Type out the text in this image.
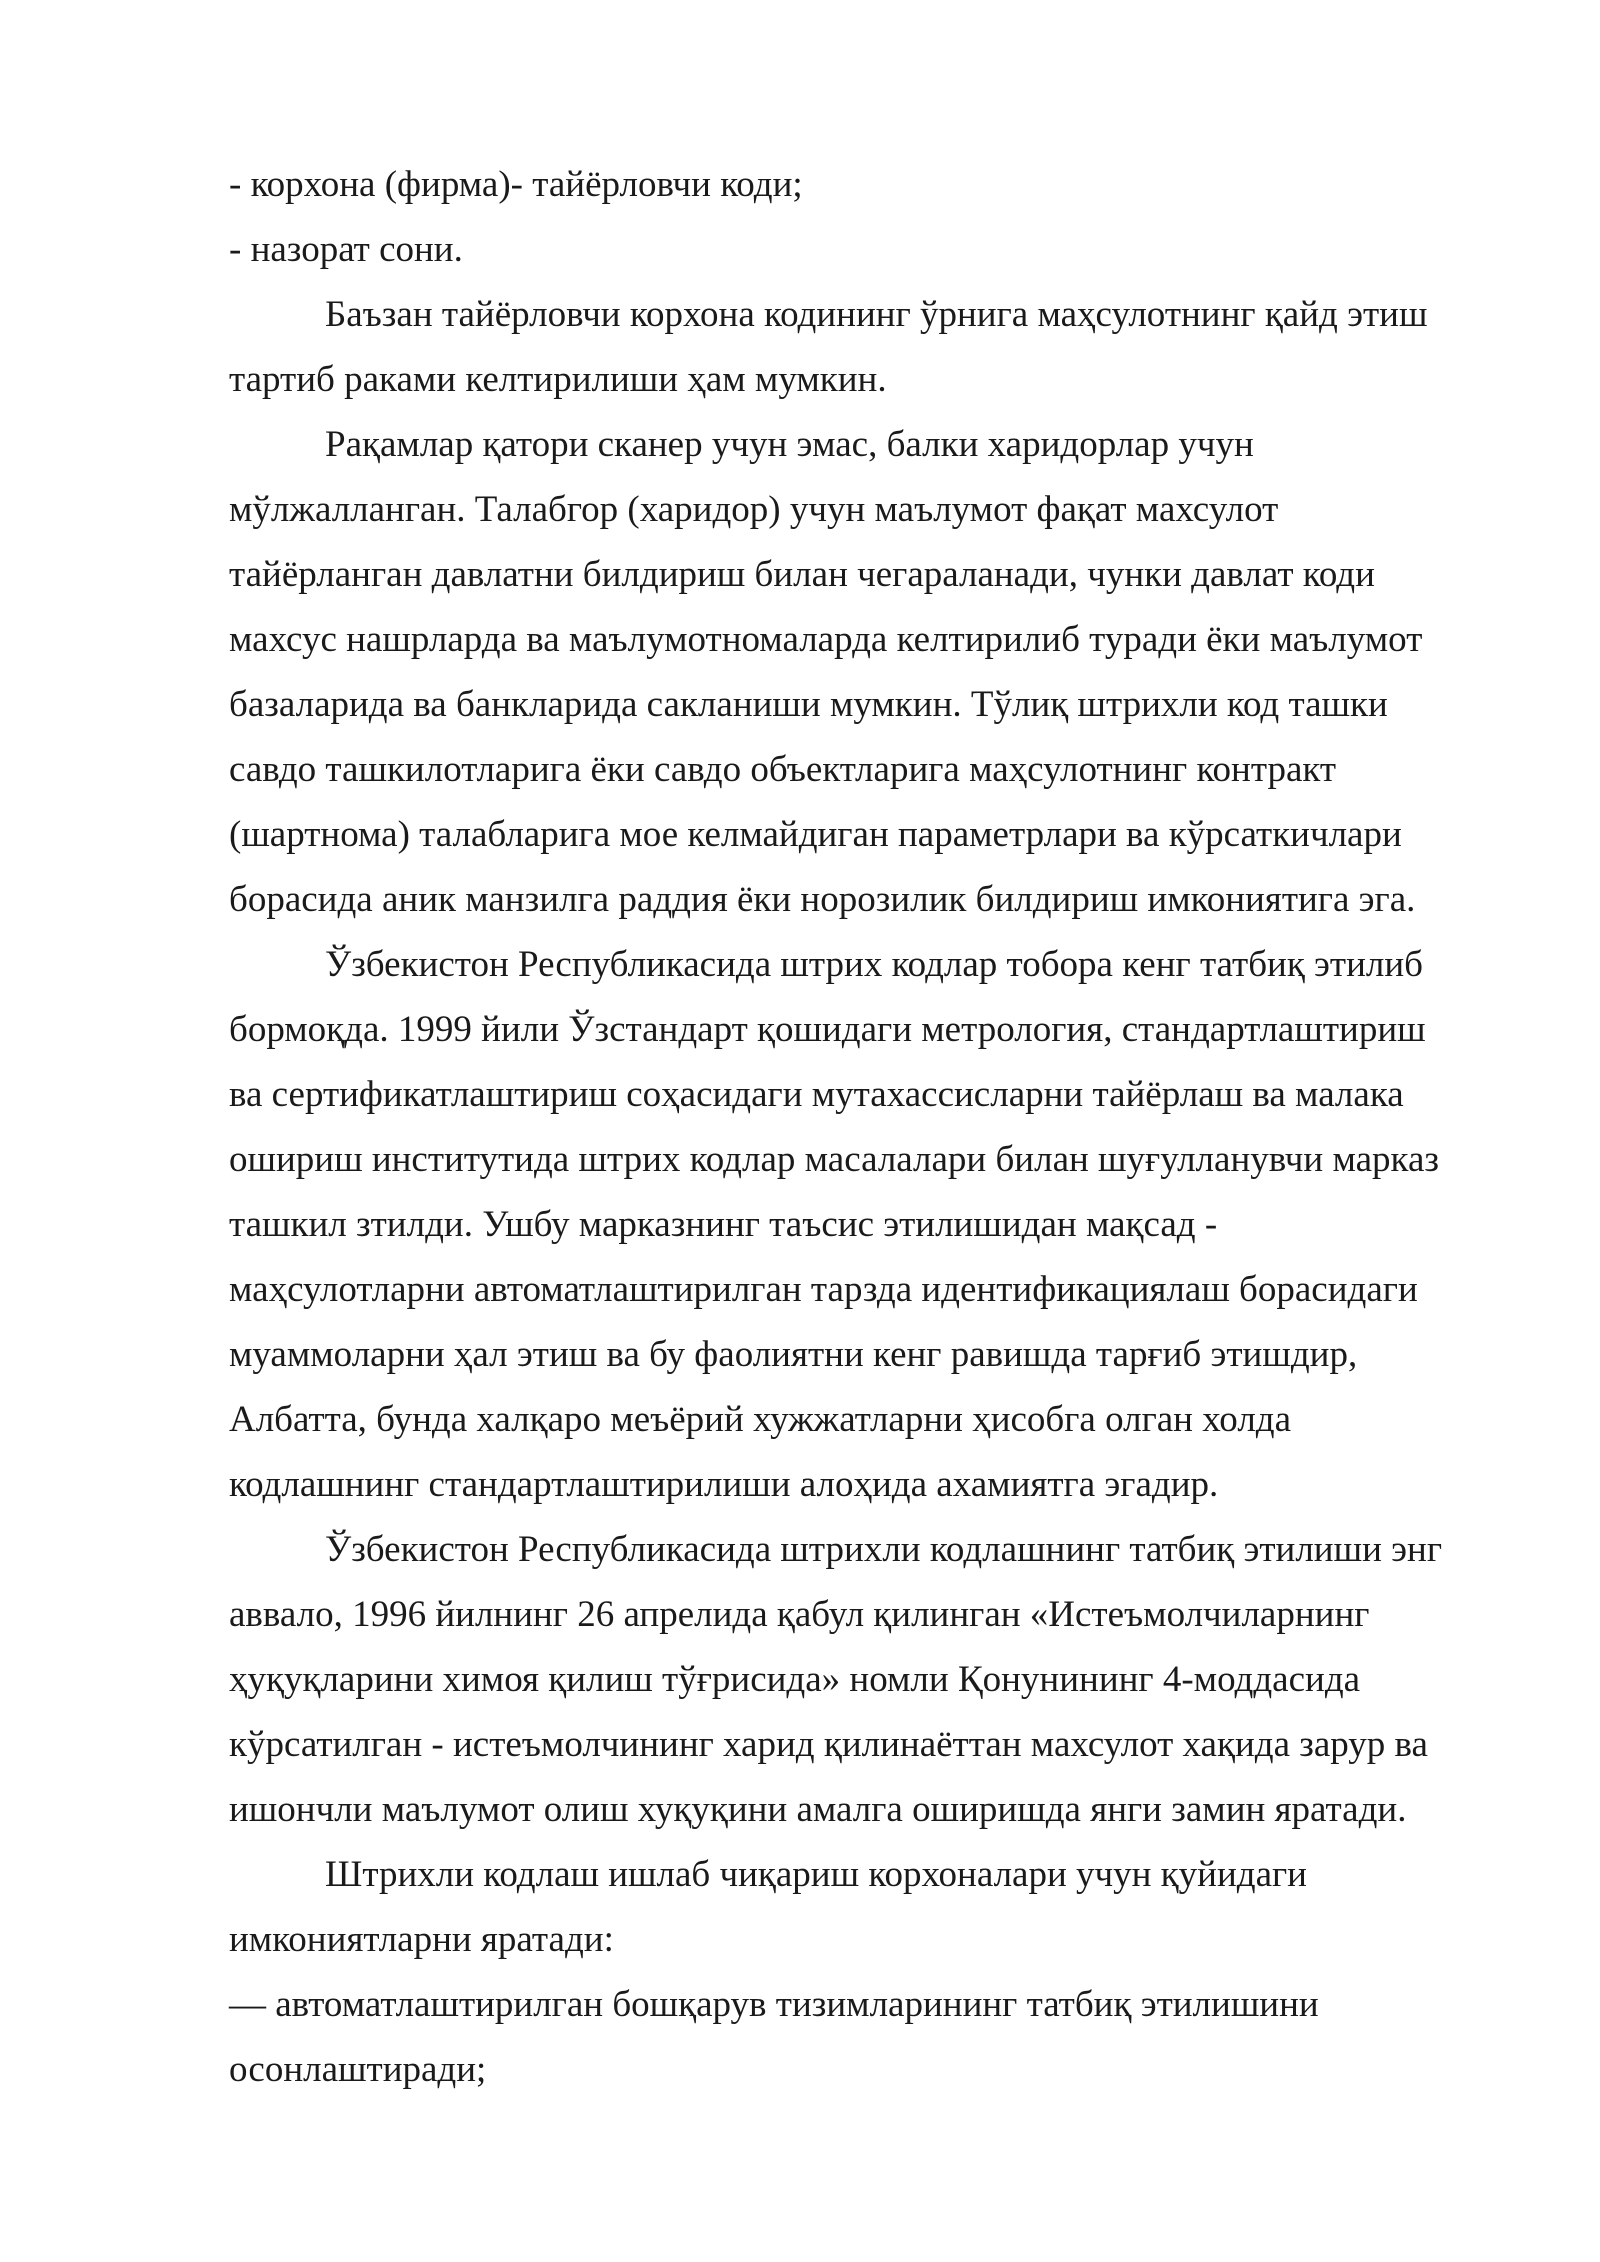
- корхона (фирма)- тайёрловчи коди;
- назорат сони.
Баъзан тайёрловчи корхона кодининг ўрнига маҳсулотнинг қайд этиш
тартиб раками келтирилиши ҳам мумкин.
Рақамлар қатори сканер учун эмас, балки харидорлар учун
мўлжалланган. Талабгор (харидор) учун маълумот фақат махсулот
тайёрланган давлатни билдириш билан чегараланади, чунки давлат коди
махсус нашрларда ва маълумотномаларда келтирилиб туради ёки маълумот
базаларида ва банкларида сакланиши мумкин. Тўлиқ штрихли код ташки
савдо ташкилотларига ёки савдо объектларига маҳсулотнинг контракт
(шартнома) талабларига мое келмайдиган параметрлари ва кўрсаткичлари
борасида аник манзилга раддия ёки норозилик билдириш имкониятига эга.
Ўзбекистон Республикасида штрих кодлар тобора кенг татбиқ этилиб
бормоқда. 1999 йили Ўзстандарт қошидаги метрология, стандартлаштириш
ва сертификатлаштириш соҳасидаги мутахассисларни тайёрлаш ва малака
ошириш институтида штрих кодлар масалалари билан шуғулланувчи марказ
ташкил зтилди. Ушбу марказнинг таъсис этилишидан мақсад -
маҳсулотларни автоматлаштирилган тарзда идентификациялаш борасидаги
муаммоларни ҳал этиш ва бу фаолиятни кенг равишда тарғиб этишдир,
Албатта, бунда халқаро меъёрий хужжатларни ҳисобга олган холда
кодлашнинг стандартлаштирилиши алоҳида ахамиятга эгадир.
Ўзбекистон Республикасида штрихли кодлашнинг татбиқ этилиши энг
аввало, 1996 йилнинг 26 апрелида қабул қилинган «Истеъмолчиларнинг
ҳуқуқларини химоя қилиш тўғрисида» номли Қонунининг 4-моддасида
кўрсатилган - истеъмолчининг харид қилинаёттан махсулот хақида зарур ва
ишончли маълумот олиш хуқуқини амалга оширишда янги замин яратади.
Штрихли кодлаш ишлаб чиқариш корхоналари учун қуйидаги
имкониятларни яратади:
— автоматлаштирилган бошқарув тизимларининг татбиқ этилишини
осонлаштиради;
